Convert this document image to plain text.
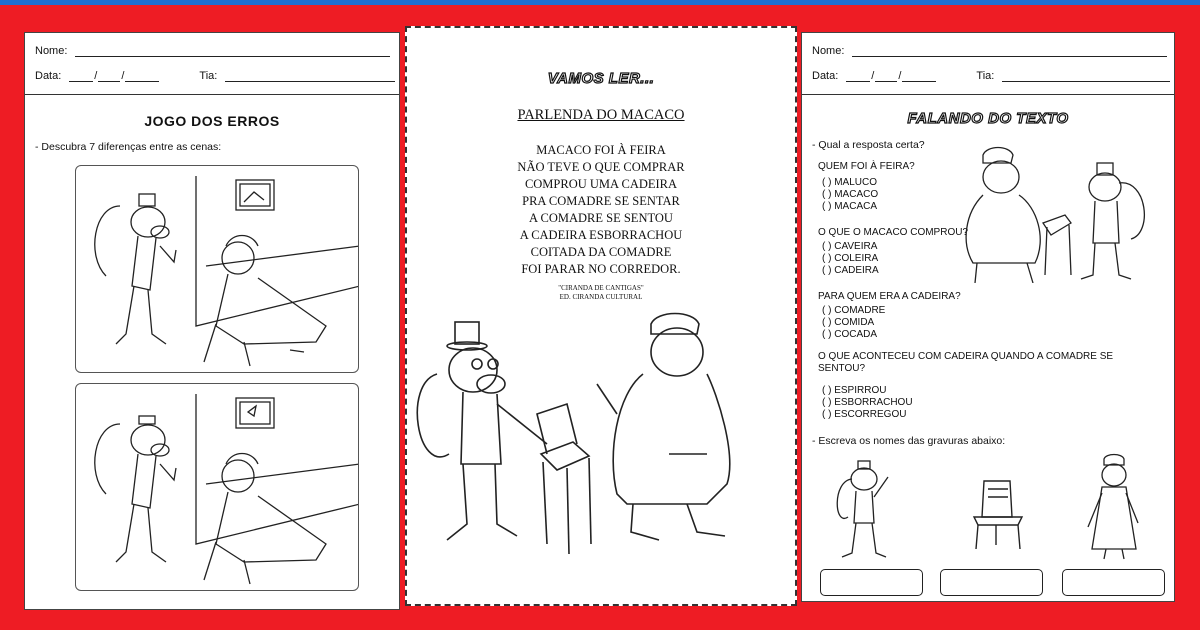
Nome:
Data:	/ /	Tia:
JOGO DOS ERROS
- Descubra 7 diferenças entre as cenas:
VAMOS LER...
PARLENDA DO MACACO
MACACO FOI À FEIRA
NÃO TEVE O QUE COMPRAR
COMPROU UMA CADEIRA
PRA COMADRE SE SENTAR
A COMADRE SE SENTOU
A CADEIRA ESBORRACHOU
COITADA DA COMADRE
FOI PARAR NO CORREDOR.
"CIRANDA DE CANTIGAS"
ED. CIRANDA CULTURAL
Nome:
Data:	/ /	Tia:
FALANDO DO TEXTO
- Qual a resposta certa?
QUEM FOI À FEIRA?
( ) MALUCO
( ) MACACO
( ) MACACA
O QUE O MACACO COMPROU?
( ) CAVEIRA
( ) COLEIRA
( ) CADEIRA
PARA QUEM ERA A CADEIRA?
( ) COMADRE
( ) COMIDA
( ) COCADA
O QUE ACONTECEU COM CADEIRA QUANDO A COMADRE SE SENTOU?
( ) ESPIRROU
( ) ESBORRACHOU
( ) ESCORREGOU
- Escreva os nomes das gravuras abaixo:
